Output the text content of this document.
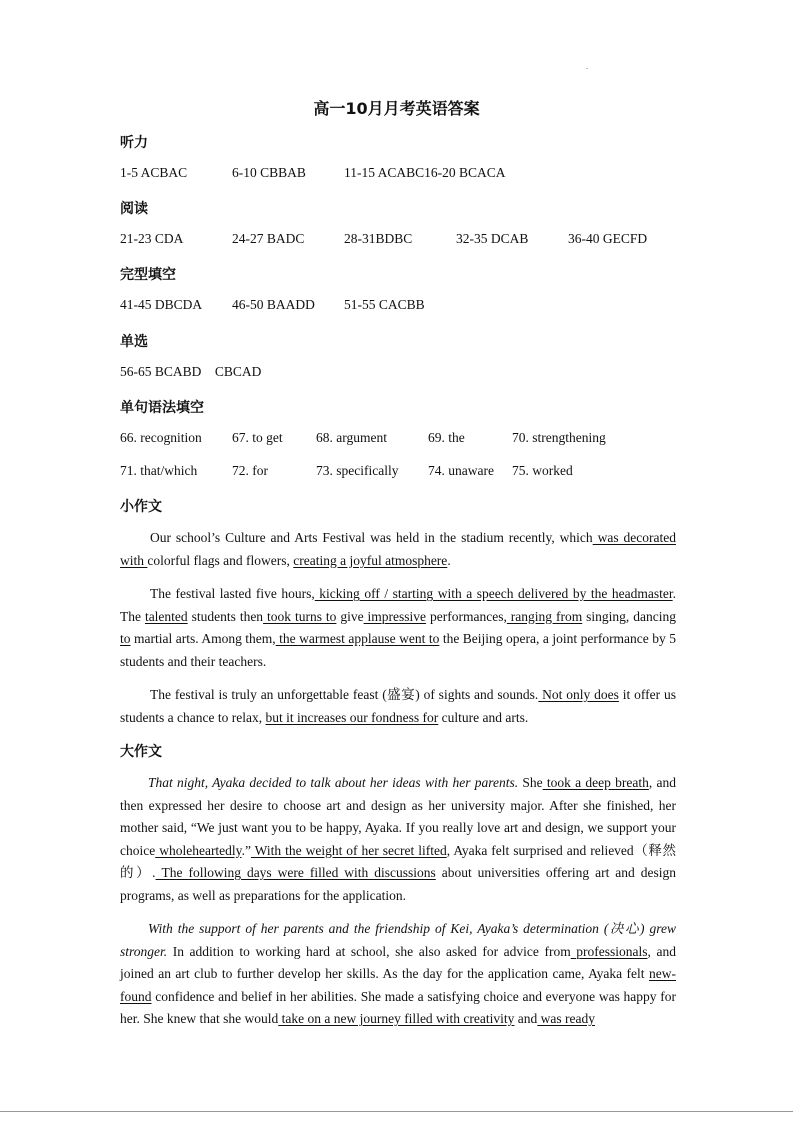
.
高一10月月考英语答案
听力
1-5 ACBAC	6-10 CBBAB	11-15 ACABC16-20 BCACA
阅读
21-23 CDA	24-27 BADC	28-31BDBC	32-35 DCAB	36-40 GECFD
完型填空
41-45 DBCDA 46-50 BAADD 51-55 CACBB
单选
56-65 BCABD    CBCAD
单句语法填空
66. recognition 67. to get 68. argument	69. the	70. strengthening
71. that/which	72. for	73. specifically 74. unaware 75. worked
小作文
Our school’s Culture and Arts Festival was held in the stadium recently, which was decorated with colorful flags and flowers, creating a joyful atmosphere.
The festival lasted five hours, kicking off / starting with a speech delivered by the headmaster. The talented students then took turns to give impressive performances, ranging from singing, dancing to martial arts. Among them, the warmest applause went to the Beijing opera, a joint performance by 5 students and their teachers.
The festival is truly an unforgettable feast (盛宴) of sights and sounds. Not only does it offer us students a chance to relax, but it increases our fondness for culture and arts.
大作文
That night, Ayaka decided to talk about her ideas with her parents. She took a deep breath, and then expressed her desire to choose art and design as her university major. After she finished, her mother said, “We just want you to be happy, Ayaka. If you really love art and design, we support your choice wholeheartedly.” With the weight of her secret lifted, Ayaka felt surprised and relieved（释然的）. The following days were filled with discussions about universities offering art and design programs, as well as preparations for the application.
With the support of her parents and the friendship of Kei, Ayaka’s determination (决心) grew stronger. In addition to working hard at school, she also asked for advice from professionals, and joined an art club to further develop her skills. As the day for the application came, Ayaka felt new-found confidence and belief in her abilities. She made a satisfying choice and everyone was happy for her. She knew that she would take on a new journey filled with creativity and was ready
